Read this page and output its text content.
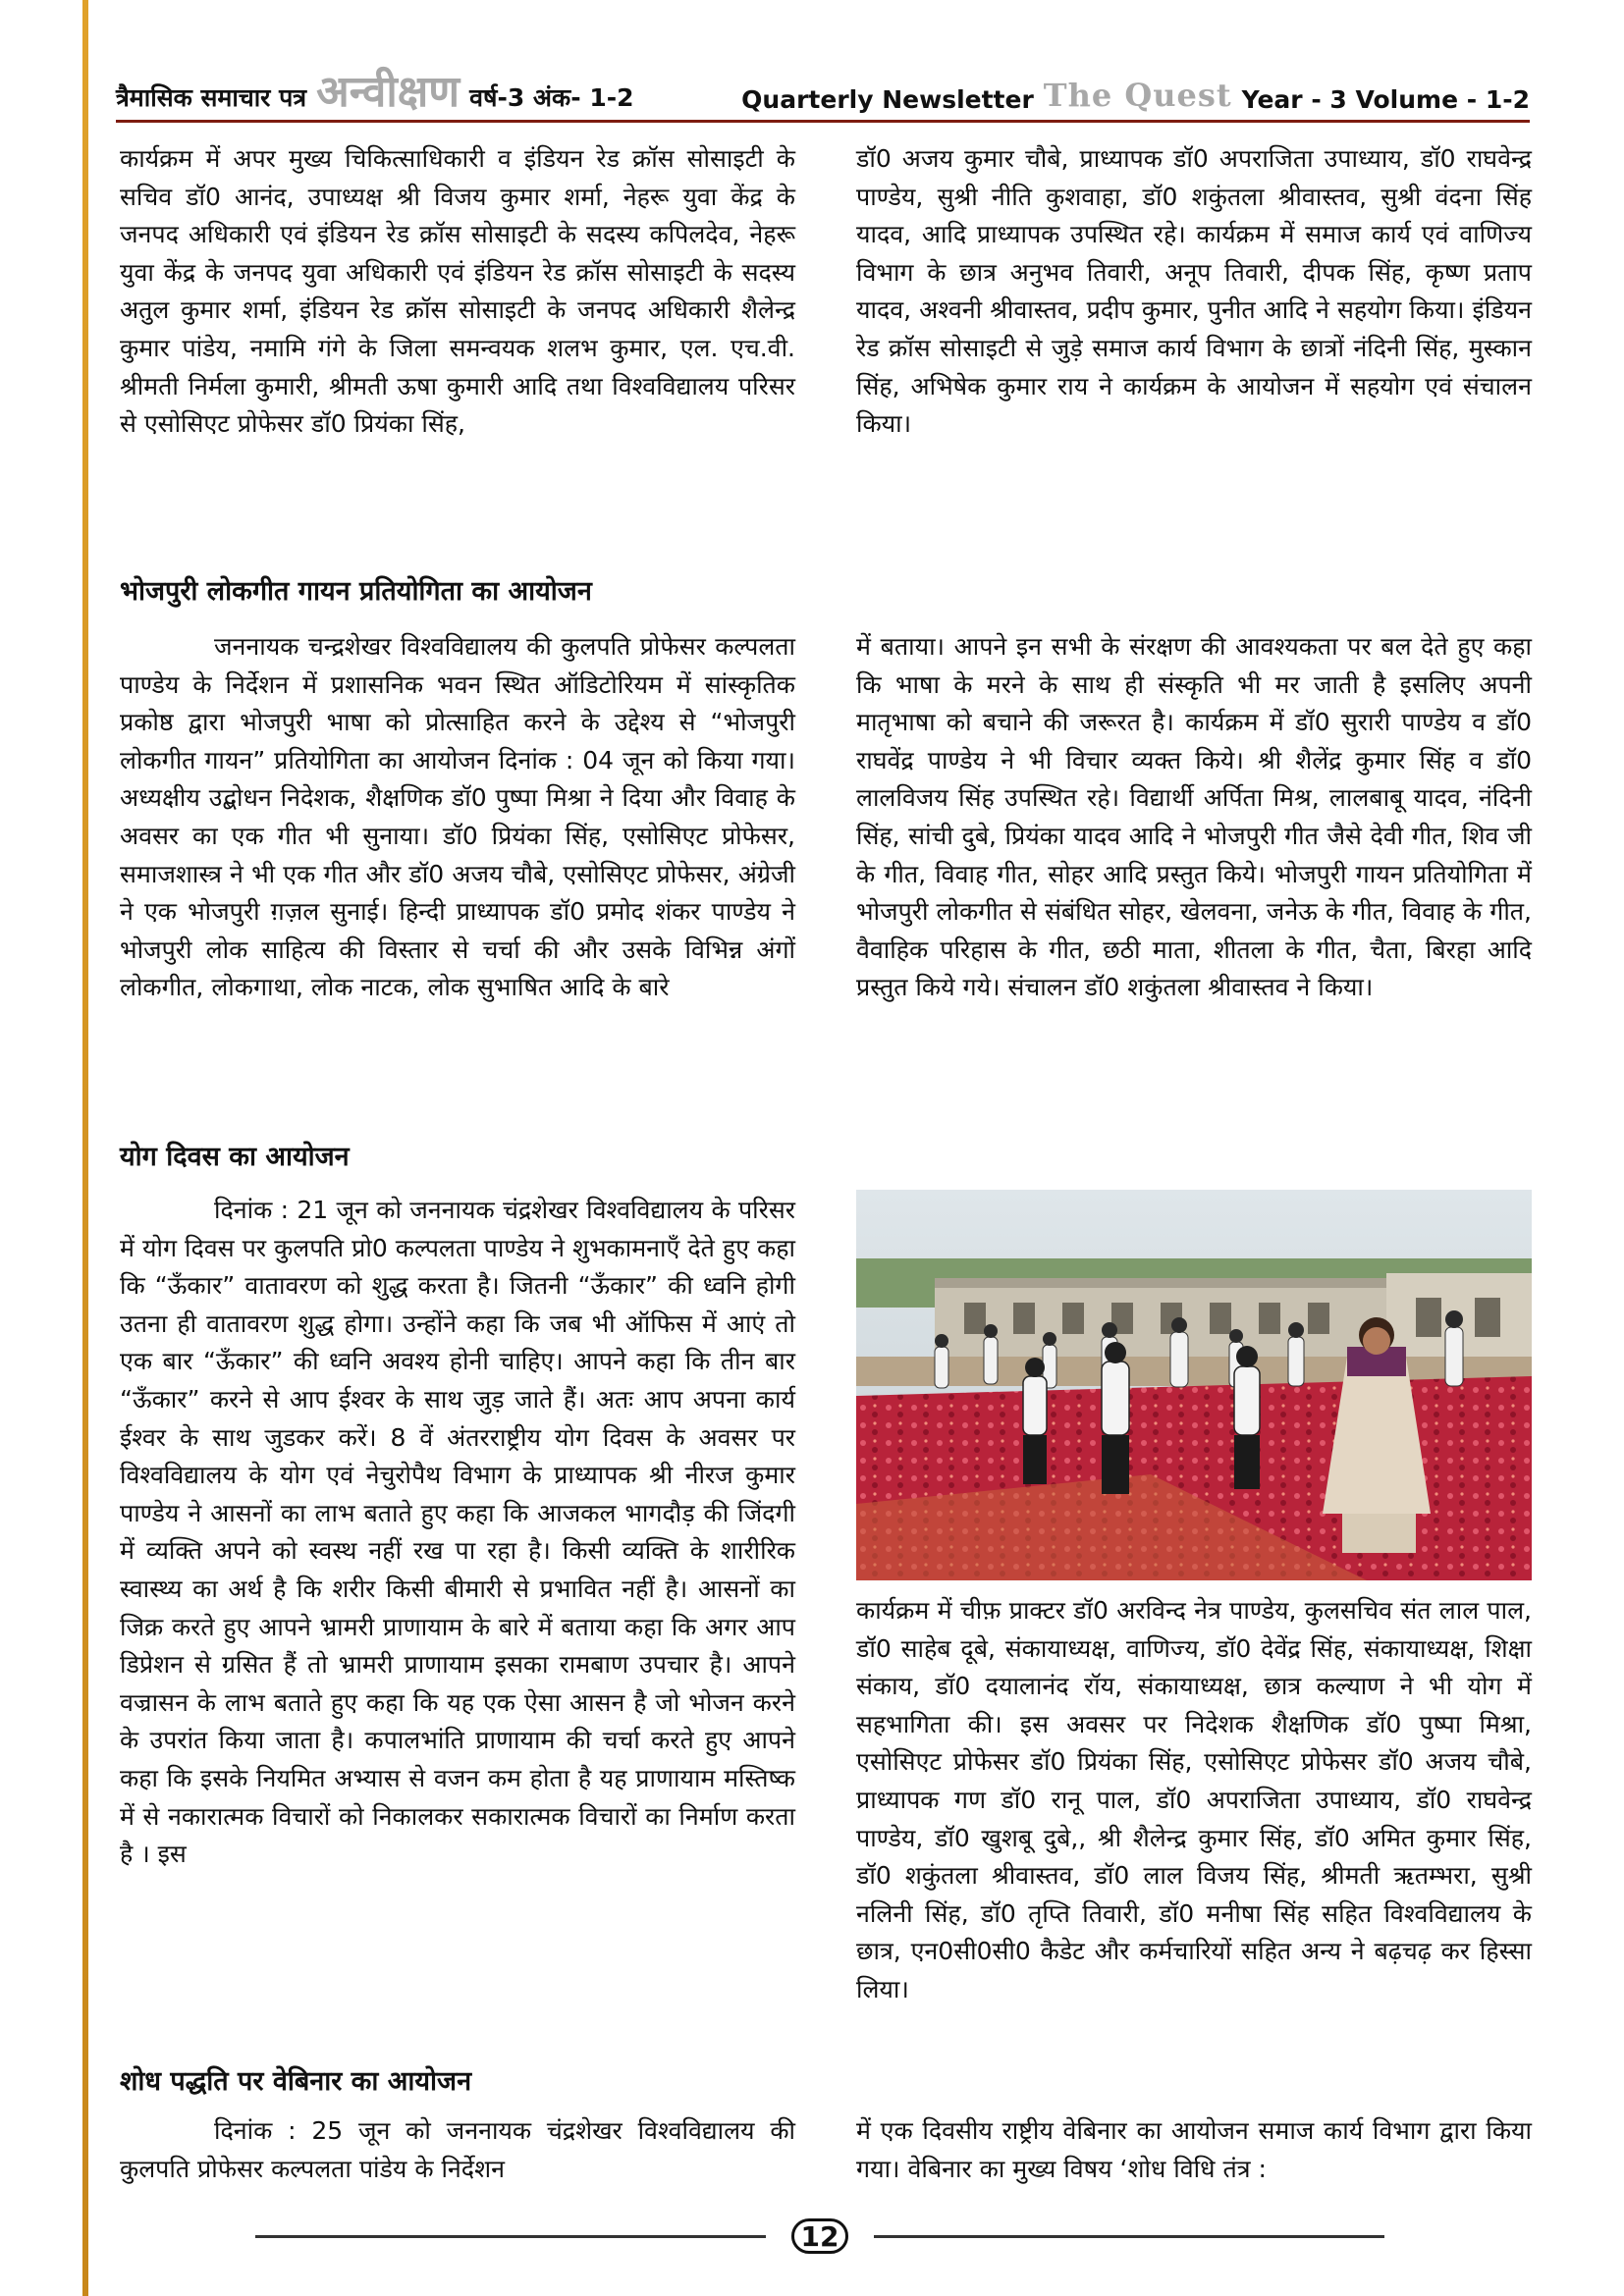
त्रैमासिक समाचार पत्र अन्वीक्षण वर्ष-3 अंक- 1-2	Quarterly Newsletter The Quest Year - 3 Volume - 1-2

कार्यक्रम में अपर मुख्य चिकित्साधिकारी व इंडियन रेड क्रॉस सोसाइटी के सचिव डॉ0 आनंद, उपाध्यक्ष श्री विजय कुमार शर्मा, नेहरू युवा केंद्र के जनपद अधिकारी एवं इंडियन रेड क्रॉस सोसाइटी के सदस्य कपिलदेव, नेहरू युवा केंद्र के जनपद युवा अधिकारी एवं इंडियन रेड क्रॉस सोसाइटी के सदस्य अतुल कुमार शर्मा, इंडियन रेड क्रॉस सोसाइटी के जनपद अधिकारी शैलेन्द्र कुमार पांडेय, नमामि गंगे के जिला समन्वयक शलभ कुमार, एल. एच.वी. श्रीमती निर्मला कुमारी, श्रीमती ऊषा कुमारी आदि तथा विश्वविद्यालय परिसर से एसोसिएट प्रोफेसर डॉ0 प्रियंका सिंह,

डॉ0 अजय कुमार चौबे, प्राध्यापक डॉ0 अपराजिता उपाध्याय, डॉ0 राघवेन्द्र पाण्डेय, सुश्री नीति कुशवाहा, डॉ0 शकुंतला श्रीवास्तव, सुश्री वंदना सिंह यादव, आदि प्राध्यापक उपस्थित रहे। कार्यक्रम में समाज कार्य एवं वाणिज्य विभाग के छात्र अनुभव तिवारी, अनूप तिवारी, दीपक सिंह, कृष्ण प्रताप यादव, अश्वनी श्रीवास्तव, प्रदीप कुमार, पुनीत आदि ने सहयोग किया। इंडियन रेड क्रॉस सोसाइटी से जुड़े समाज कार्य विभाग के छात्रों नंदिनी सिंह, मुस्कान सिंह, अभिषेक कुमार राय ने कार्यक्रम के आयोजन में सहयोग एवं संचालन किया।

भोजपुरी लोकगीत गायन प्रतियोगिता का आयोजन

जननायक चन्द्रशेखर विश्वविद्यालय की कुलपति प्रोफेसर कल्पलता पाण्डेय के निर्देशन में प्रशासनिक भवन स्थित ऑडिटोरियम में सांस्कृतिक प्रकोष्ठ द्वारा भोजपुरी भाषा को प्रोत्साहित करने के उद्देश्य से “भोजपुरी लोकगीत गायन” प्रतियोगिता का आयोजन दिनांक : 04 जून को किया गया। अध्यक्षीय उद्बोधन निदेशक, शैक्षणिक डॉ0 पुष्पा मिश्रा ने दिया और विवाह के अवसर का एक गीत भी सुनाया। डॉ0 प्रियंका सिंह, एसोसिएट प्रोफेसर, समाजशास्त्र ने भी एक गीत और डॉ0 अजय चौबे, एसोसिएट प्रोफेसर, अंग्रेजी ने एक भोजपुरी ग़ज़ल सुनाई। हिन्दी प्राध्यापक डॉ0 प्रमोद शंकर पाण्डेय ने भोजपुरी लोक साहित्य की विस्तार से चर्चा की और उसके विभिन्न अंगों लोकगीत, लोकगाथा, लोक नाटक, लोक सुभाषित आदि के बारे

में बताया। आपने इन सभी के संरक्षण की आवश्यकता पर बल देते हुए कहा कि भाषा के मरने के साथ ही संस्कृति भी मर जाती है इसलिए अपनी मातृभाषा को बचाने की जरूरत है। कार्यक्रम में डॉ0 सुरारी पाण्डेय व डॉ0 राघवेंद्र पाण्डेय ने भी विचार व्यक्त किये। श्री शैलेंद्र कुमार सिंह व डॉ0 लालविजय सिंह उपस्थित रहे। विद्यार्थी अर्पिता मिश्र, लालबाबू यादव, नंदिनी सिंह, सांची दुबे, प्रियंका यादव आदि ने भोजपुरी गीत जैसे देवी गीत, शिव जी के गीत, विवाह गीत, सोहर आदि प्रस्तुत किये। भोजपुरी गायन प्रतियोगिता में भोजपुरी लोकगीत से संबंधित सोहर, खेलवना, जनेऊ के गीत, विवाह के गीत, वैवाहिक परिहास के गीत, छठी माता, शीतला के गीत, चैता, बिरहा आदि प्रस्तुत किये गये। संचालन डॉ0 शकुंतला श्रीवास्तव ने किया।

योग दिवस का आयोजन

दिनांक : 21 जून को जननायक चंद्रशेखर विश्वविद्यालय के परिसर में योग दिवस पर कुलपति प्रो0 कल्पलता पाण्डेय ने शुभकामनाएँ देते हुए कहा कि “ऊँकार” वातावरण को शुद्ध करता है। जितनी “ऊँकार” की ध्वनि होगी उतना ही वातावरण शुद्ध होगा। उन्होंने कहा कि जब भी ऑफिस में आएं तो एक बार “ऊँकार” की ध्वनि अवश्य होनी चाहिए। आपने कहा कि तीन बार “ऊँकार” करने से आप ईश्वर के साथ जुड़ जाते हैं। अतः आप अपना कार्य ईश्वर के साथ जुडकर करें। 8 वें अंतरराष्ट्रीय योग दिवस के अवसर पर विश्वविद्यालय के योग एवं नेचुरोपैथ विभाग के प्राध्यापक श्री नीरज कुमार पाण्डेय ने आसनों का लाभ बताते हुए कहा कि आजकल भागदौड़ की जिंदगी में व्यक्ति अपने को स्वस्थ नहीं रख पा रहा है। किसी व्यक्ति के शारीरिक स्वास्थ्य का अर्थ है कि शरीर किसी बीमारी से प्रभावित नहीं है। आसनों का जिक्र करते हुए आपने भ्रामरी प्राणायाम के बारे में बताया कहा कि अगर आप डिप्रेशन से ग्रसित हैं तो भ्रामरी प्राणायाम इसका रामबाण उपचार है। आपने वज्रासन के लाभ बताते हुए कहा कि यह एक ऐसा आसन है जो भोजन करने के उपरांत किया जाता है। कपालभांति प्राणायाम की चर्चा करते हुए आपने कहा कि इसके नियमित अभ्यास से वजन कम होता है यह प्राणायाम मस्तिष्क में से नकारात्मक विचारों को निकालकर सकारात्मक विचारों का निर्माण करता है । इस

कार्यक्रम में चीफ़ प्राक्टर डॉ0 अरविन्द नेत्र पाण्डेय, कुलसचिव संत लाल पाल, डॉ0 साहेब दूबे, संकायाध्यक्ष, वाणिज्य, डॉ0 देवेंद्र सिंह, संकायाध्यक्ष, शिक्षा संकाय, डॉ0 दयालानंद रॉय, संकायाध्यक्ष, छात्र कल्याण ने भी योग में सहभागिता की। इस अवसर पर निदेशक शैक्षणिक डॉ0 पुष्पा मिश्रा, एसोसिएट प्रोफेसर डॉ0 प्रियंका सिंह, एसोसिएट प्रोफेसर डॉ0 अजय चौबे, प्राध्यापक गण डॉ0 रानू पाल, डॉ0 अपराजिता उपाध्याय, डॉ0 राघवेन्द्र पाण्डेय, डॉ0 खुशबू दुबे,, श्री शैलेन्द्र कुमार सिंह, डॉ0 अमित कुमार सिंह, डॉ0 शकुंतला श्रीवास्तव, डॉ0 लाल विजय सिंह, श्रीमती ऋतम्भरा, सुश्री नलिनी सिंह, डॉ0 तृप्ति तिवारी, डॉ0 मनीषा सिंह सहित विश्वविद्यालय के छात्र, एन0सी0सी0 कैडेट और कर्मचारियों सहित अन्य ने बढ़चढ़ कर हिस्सा लिया।

शोध पद्धति पर वेबिनार का आयोजन

दिनांक : 25 जून को जननायक चंद्रशेखर विश्वविद्यालय की कुलपति प्रोफेसर कल्पलता पांडेय के निर्देशन

में एक दिवसीय राष्ट्रीय वेबिनार का आयोजन समाज कार्य विभाग द्वारा किया गया। वेबिनार का मुख्य विषय ‘शोध विधि तंत्र :

12
